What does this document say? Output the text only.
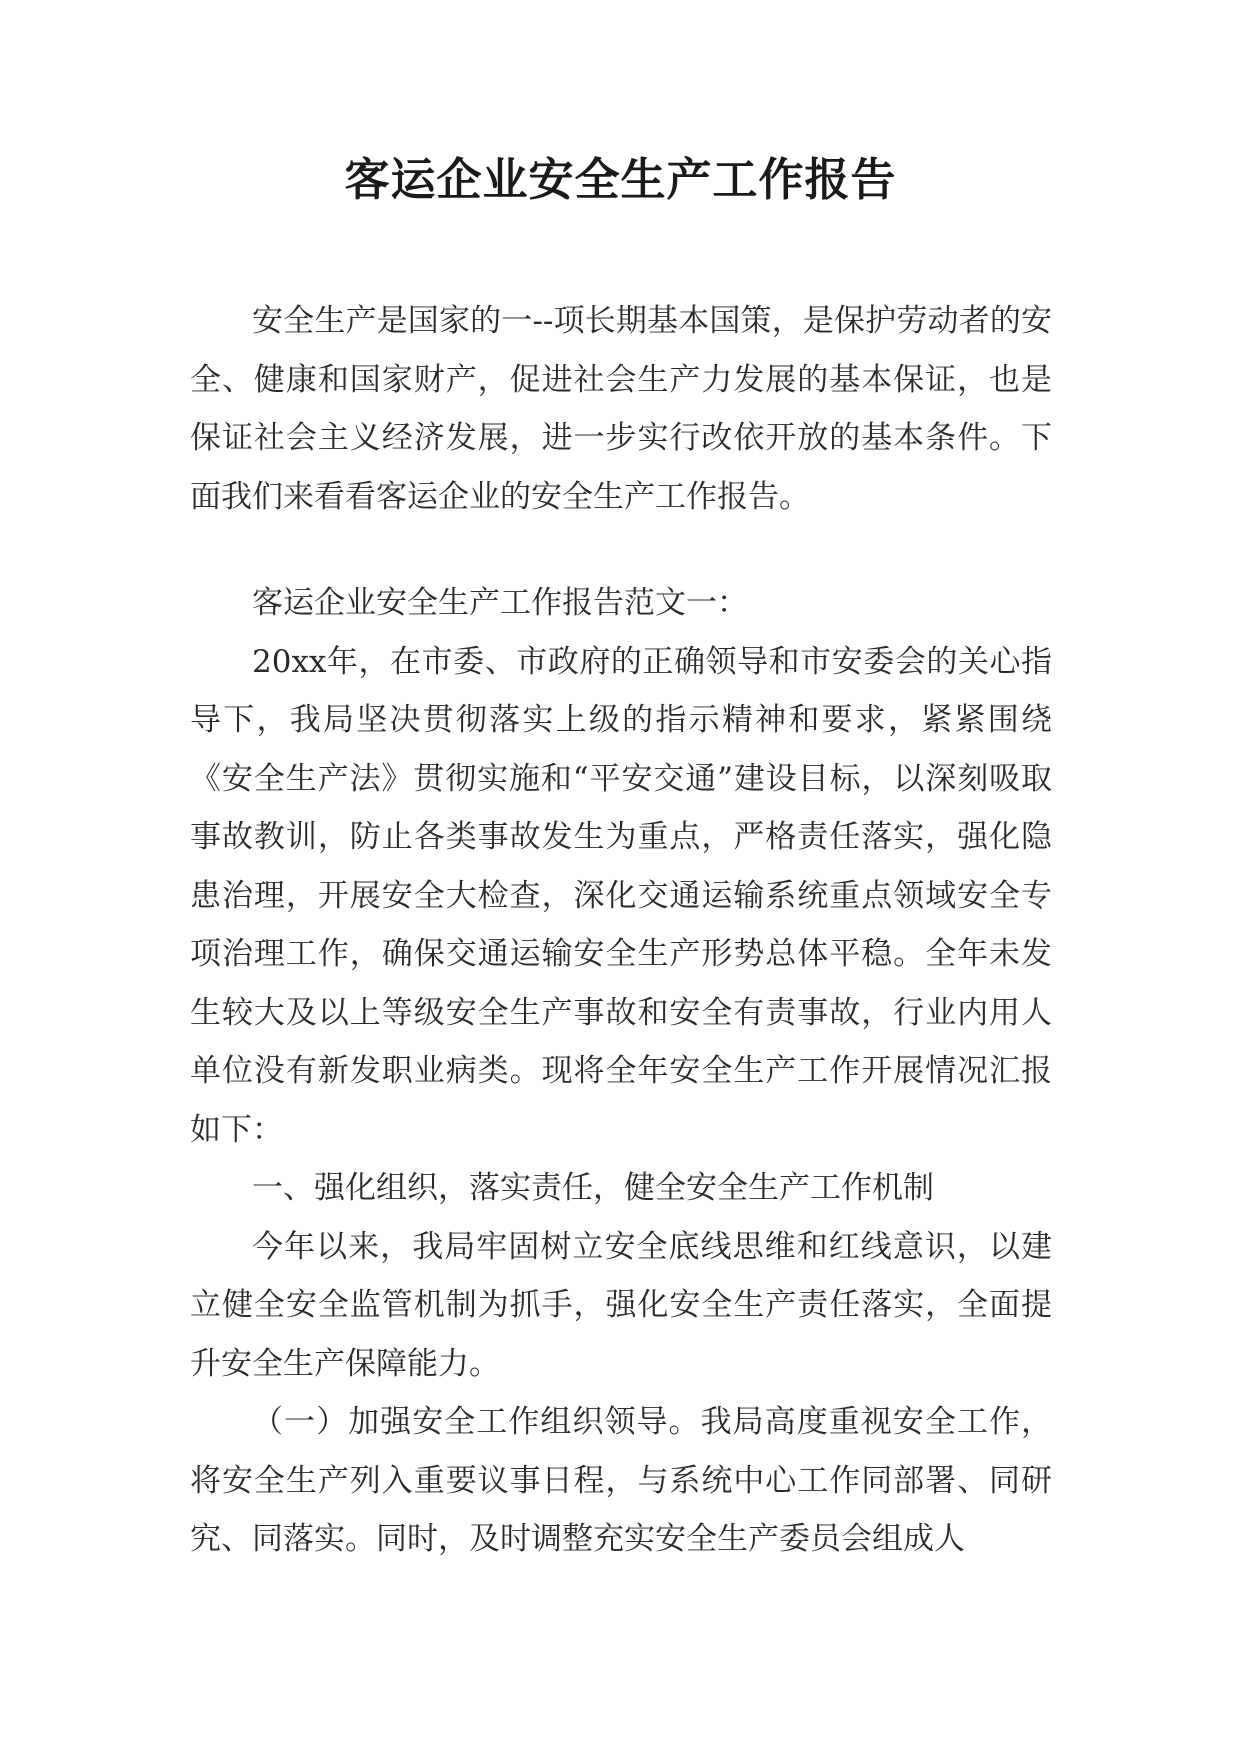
客运企业安全生产工作报告

安全生产是国家的一--项长期基本国策，是保护劳动者的安全、健康和国家财产，促进社会生产力发展的基本保证，也是保证社会主义经济发展，进一步实行改依开放的基本条件。下面我们来看看客运企业的安全生产工作报告。

客运企业安全生产工作报告范文一：

20xx年，在市委、市政府的正确领导和市安委会的关心指导下，我局坚决贯彻落实上级的指示精神和要求，紧紧围绕《安全生产法》贯彻实施和“平安交通”建设目标，以深刻吸取事故教训，防止各类事故发生为重点，严格责任落实，强化隐患治理，开展安全大检查，深化交通运输系统重点领域安全专项治理工作，确保交通运输安全生产形势总体平稳。全年未发生较大及以上等级安全生产事故和安全有责事故，行业内用人单位没有新发职业病类。现将全年安全生产工作开展情况汇报如下：

一、强化组织，落实责任，健全安全生产工作机制

今年以来，我局牢固树立安全底线思维和红线意识，以建立健全安全监管机制为抓手，强化安全生产责任落实，全面提升安全生产保障能力。

（一）加强安全工作组织领导。我局高度重视安全工作，将安全生产列入重要议事日程，与系统中心工作同部署、同研究、同落实。同时，及时调整充实安全生产委员会组成人
